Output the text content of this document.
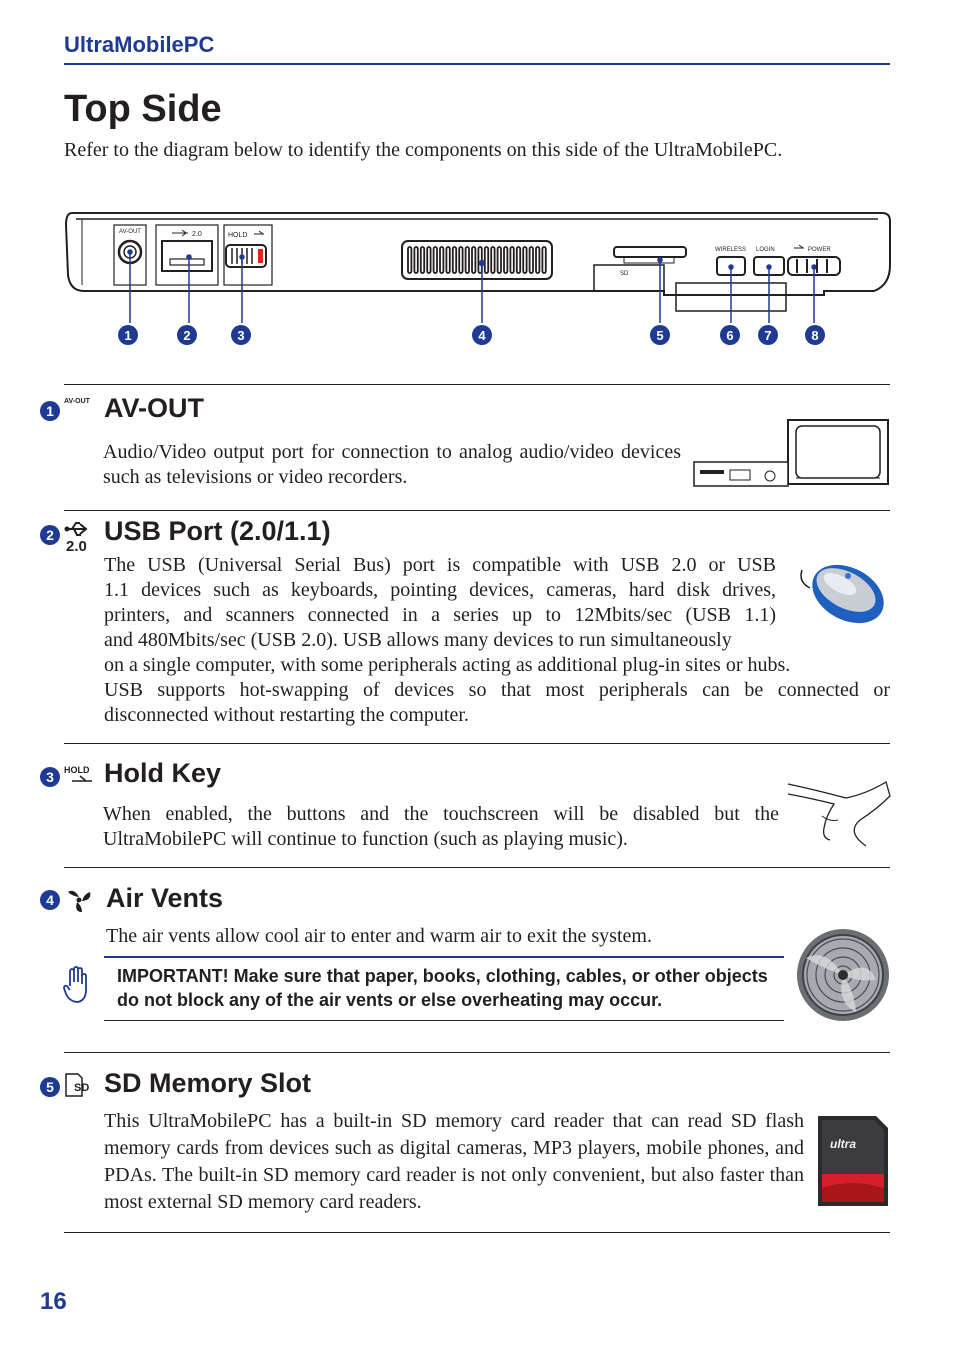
UltraMobilePC
Top Side
Refer to the diagram below to identify the components on this side of the UltraMobilePC.
AV-OUT	2.0	HOLD
SD
WIRELESS LOGIN	POWER
1	2	3	4	5	6 7	8
1
AV-OUT AV-OUT
Audio/Video output port for connection to analog audio/video devices such as televisions or video recorders.
2
2.0
USB Port (2.0/1.1)
The USB (Universal Serial Bus) port is compatible with USB 2.0 or USB
1.1 devices such as keyboards, pointing devices, cameras, hard disk drives,
printers, and scanners connected in a series up to 12Mbits/sec (USB 1.1)
and 480Mbits/sec (USB 2.0). USB allows many devices to run simultaneously
on a single computer, with some peripherals acting as additional plug-in sites or hubs.
USB supports hot-swapping of devices so that most peripherals can be connected or
disconnected without restarting the computer.
3	HOLD Hold Key
When enabled, the buttons and the touchscreen will be disabled but the UltraMobilePC will continue to function (such as playing music).
4 Air Vents
The air vents allow cool air to enter and warm air to exit the system.
IMPORTANT! Make sure that paper, books, clothing, cables, or other objects do not block any of the air vents or else overheating may occur.
5	SD SD Memory Slot
This UltraMobilePC has a built-in SD memory card reader that can read SD flash memory cards from devices such as digital cameras, MP3 players, mobile phones, and PDAs. The built-in SD memory card reader is not only convenient, but also faster than most external SD memory card readers.
ultra
16
